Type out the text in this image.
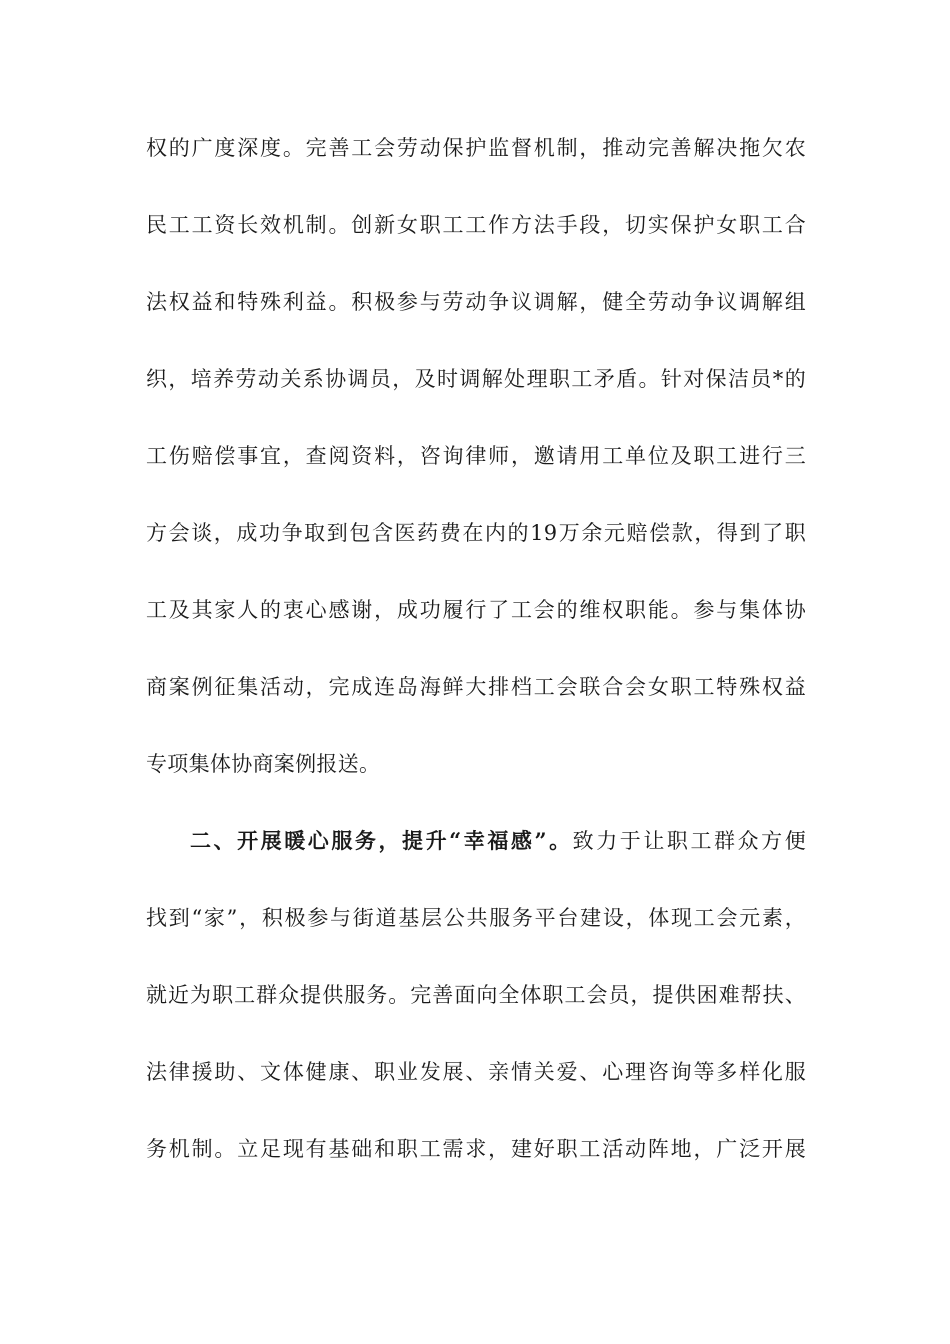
权的广度深度。完善工会劳动保护监督机制，推动完善解决拖欠农
民工工资长效机制。创新女职工工作方法手段，切实保护女职工合
法权益和特殊利益。积极参与劳动争议调解，健全劳动争议调解组
织，培养劳动关系协调员，及时调解处理职工矛盾。针对保洁员*的
工伤赔偿事宜，查阅资料，咨询律师，邀请用工单位及职工进行三
方会谈，成功争取到包含医药费在内的19万余元赔偿款，得到了职
工及其家人的衷心感谢，成功履行了工会的维权职能。参与集体协
商案例征集活动，完成连岛海鲜大排档工会联合会女职工特殊权益
专项集体协商案例报送。
二、开展暖心服务，提升“幸福感”。致力于让职工群众方便
找到“家”，积极参与街道基层公共服务平台建设，体现工会元素，
就近为职工群众提供服务。完善面向全体职工会员，提供困难帮扶、
法律援助、文体健康、职业发展、亲情关爱、心理咨询等多样化服
务机制。立足现有基础和职工需求，建好职工活动阵地，广泛开展
